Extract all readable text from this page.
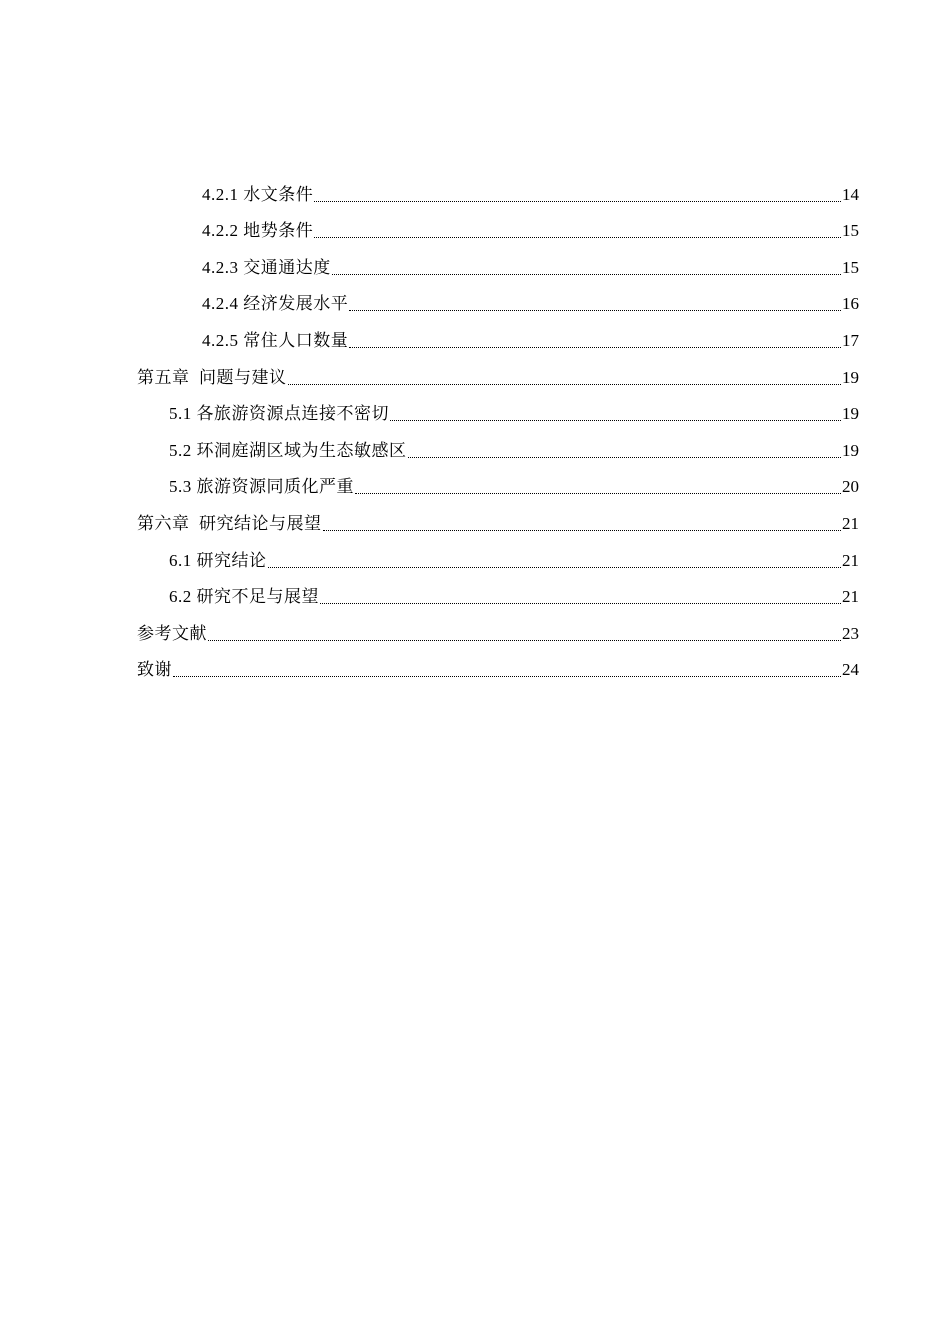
4.2.1 水文条件	14
4.2.2 地势条件	15
4.2.3 交通通达度	15
4.2.4 经济发展水平	16
4.2.5 常住人口数量	17
第五章  问题与建议	19
5.1 各旅游资源点连接不密切	19
5.2 环洞庭湖区域为生态敏感区	19
5.3 旅游资源同质化严重	20
第六章  研究结论与展望	21
6.1 研究结论	21
6.2 研究不足与展望	21
参考文献	23
致谢	24
